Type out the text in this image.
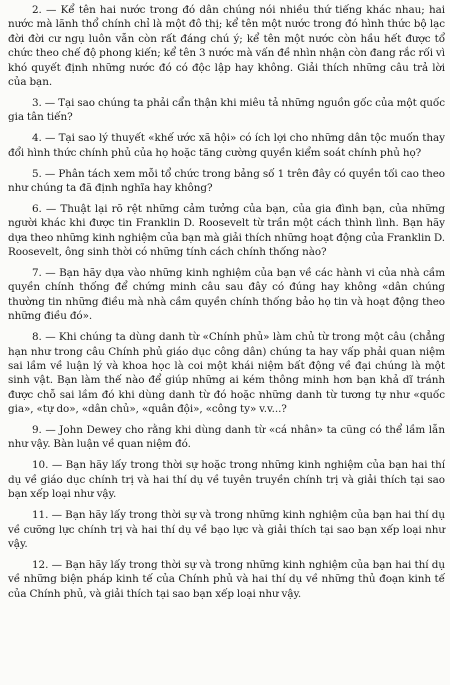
2. — Kể tên hai nước trong đó dân chúng nói nhiều thứ tiếng khác nhau; hai nước mà lãnh thổ chính chỉ là một đô thị; kể tên một nước trong đó hình thức bộ lạc đời đời cư ngụ luôn vẫn còn rất đáng chú ý; kể tên một nước còn hầu hết được tổ chức theo chế độ phong kiến; kể tên 3 nước mà vấn đề nhìn nhận còn đang rắc rối vì khó quyết định những nước đó có độc lập hay không. Giải thích những câu trả lời của bạn.

3. — Tại sao chúng ta phải cẩn thận khi miêu tả những nguồn gốc của một quốc gia tân tiến?

4. — Tại sao lý thuyết «khế ước xã hội» có ích lợi cho những dân tộc muốn thay đổi hình thức chính phủ của họ hoặc tăng cường quyền kiểm soát chính phủ họ?

5. — Phân tách xem mỗi tổ chức trong bảng số 1 trên đây có quyền tối cao theo như chúng ta đã định nghĩa hay không?

6. — Thuật lại rõ rệt những cảm tưởng của bạn, của gia đình bạn, của những người khác khi được tin Franklin D. Roosevelt từ trần một cách thình lình. Bạn hãy dựa theo những kinh nghiệm của bạn mà giải thích những hoạt động của Franklin D. Roosevelt, ông sinh thời có những tính cách chính thống nào?

7. — Bạn hãy dựa vào những kinh nghiệm của bạn về các hành vi của nhà cầm quyền chính thống để chứng minh câu sau đây có đúng hay không «dân chúng thường tin những điều mà nhà cầm quyền chính thống bảo họ tin và hoạt động theo những điều đó».

8. — Khi chúng ta dùng danh từ «Chính phủ» làm chủ từ trong một câu (chẳng hạn như trong câu Chính phủ giáo dục công dân) chúng ta hay vấp phải quan niệm sai lầm về luận lý và khoa học là coi một khái niệm bất động về đại chúng là một sinh vật. Bạn làm thế nào để giúp những ai kém thông minh hơn bạn khả dĩ tránh được chỗ sai lầm đó khi dùng danh từ đó hoặc những danh từ tương tự như «quốc gia», «tự do», «dân chủ», «quân đội», «công ty» v.v...?

9. — John Dewey cho rằng khi dùng danh từ «cá nhân» ta cũng có thể lầm lẫn như vậy. Bàn luận về quan niệm đó.

10. — Bạn hãy lấy trong thời sự hoặc trong những kinh nghiệm của bạn hai thí dụ về giáo dục chính trị và hai thí dụ về tuyên truyền chính trị và giải thích tại sao bạn xếp loại như vậy.

11. — Bạn hãy lấy trong thời sự và trong những kinh nghiệm của bạn hai thí dụ về cưỡng lực chính trị và hai thí dụ về bạo lực và giải thích tại sao bạn xếp loại như vậy.

12. — Bạn hãy lấy trong thời sự và trong những kinh nghiệm của bạn hai thí dụ về những biện pháp kinh tế của Chính phủ và hai thí dụ về những thủ đoạn kinh tế của Chính phủ, và giải thích tại sao bạn xếp loại như vậy.
